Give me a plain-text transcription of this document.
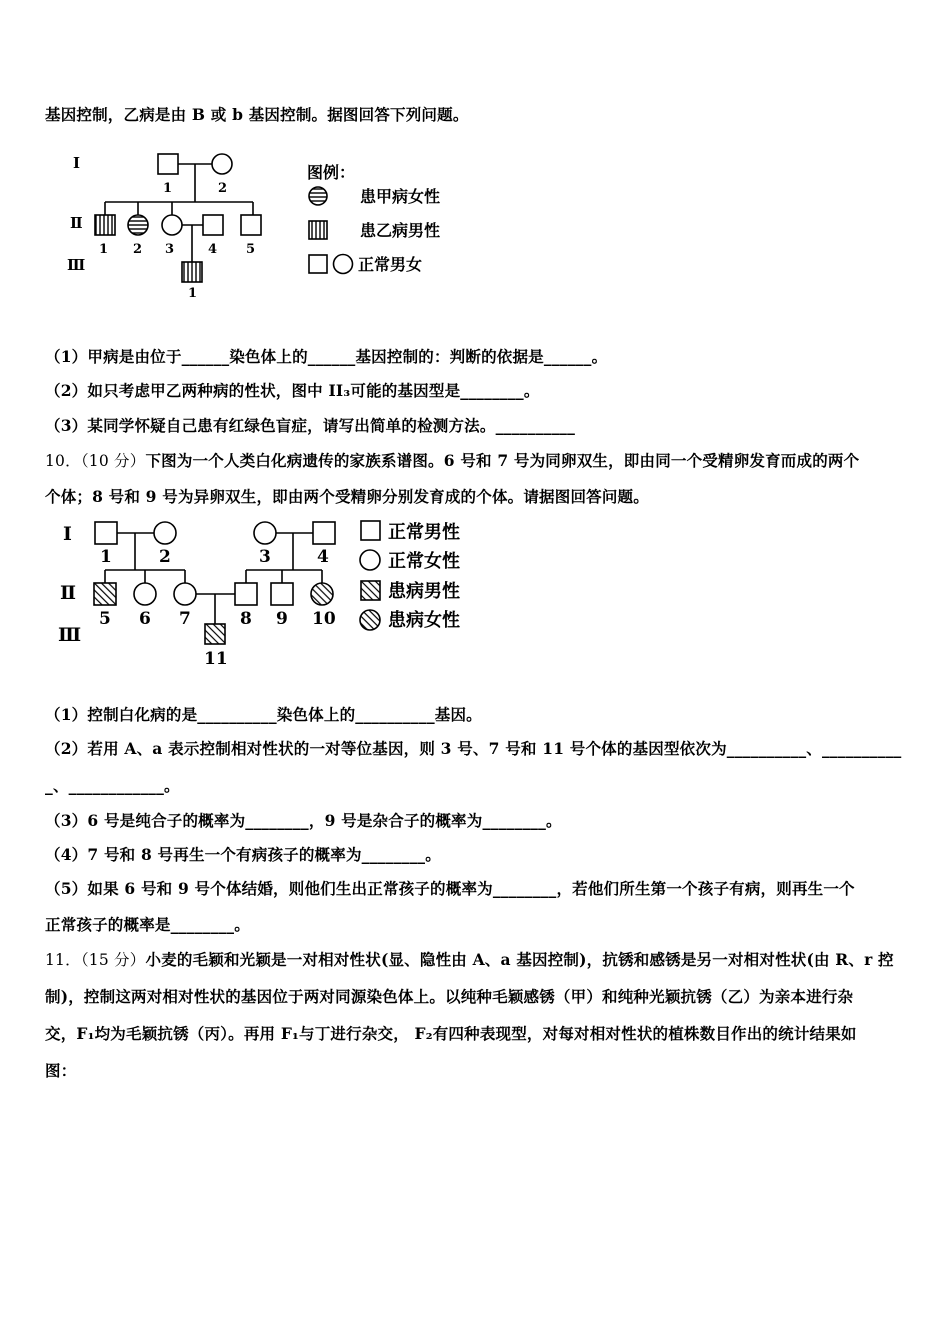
基因控制，乙病是由 B 或 b 基因控制。据图回答下列问题。
Ⅰ
Ⅱ
Ⅲ
1	2
1 2 3	4 5
1
图例：
患甲病女性
患乙病男性
正常男女
（1）甲病是由位于______染色体上的______基因控制的：判断的依据是______。
（2）如只考虑甲乙两种病的性状，图中 II₃可能的基因型是________。
（3）某同学怀疑自己患有红绿色盲症，请写出简单的检测方法。__________
10．（10 分）下图为一个人类白化病遗传的家族系谱图。6 号和 7 号为同卵双生，即由同一个受精卵发育而成的两个
个体；8 号和 9 号为异卵双生，即由两个受精卵分别发育成的个体。请据图回答问题。
Ⅰ
Ⅱ
Ⅲ
1	2	3	4
5 6 7	8 9 10
11
正常男性
正常女性
患病男性
患病女性
（1）控制白化病的是__________染色体上的__________基因。
（2）若用 A、a 表示控制相对性状的一对等位基因，则 3 号、7 号和 11 号个体的基因型依次为__________、__________
_、____________。
（3）6 号是纯合子的概率为________，9 号是杂合子的概率为________。
（4）7 号和 8 号再生一个有病孩子的概率为________。
（5）如果 6 号和 9 号个体结婚，则他们生出正常孩子的概率为________，若他们所生第一个孩子有病，则再生一个
正常孩子的概率是________。
11．（15 分）小麦的毛颖和光颖是一对相对性状(显、隐性由 A、a 基因控制)，抗锈和感锈是另一对相对性状(由 R、r 控
制)，控制这两对相对性状的基因位于两对同源染色体上。以纯种毛颖感锈（甲）和纯种光颖抗锈（乙）为亲本进行杂
交，F₁均为毛颖抗锈（丙）。再用 F₁与丁进行杂交， F₂有四种表现型，对每对相对性状的植株数目作出的统计结果如
图：
